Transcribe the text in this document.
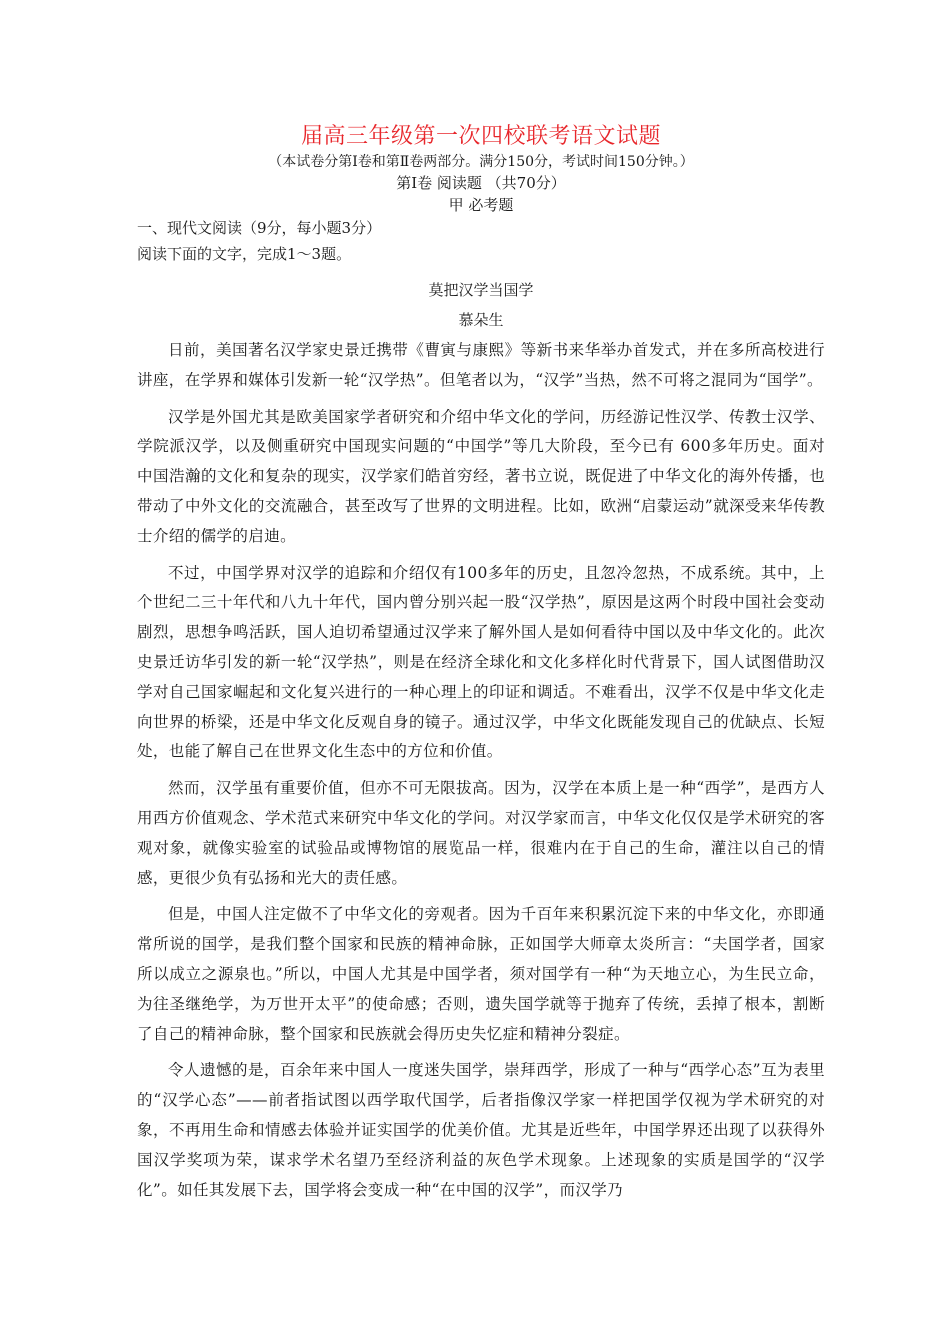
届高三年级第一次四校联考语文试题

（本试卷分第Ⅰ卷和第Ⅱ卷两部分。满分150分，考试时间150分钟。）

第Ⅰ卷 阅读题 （共70分）

甲 必考题

一、现代文阅读（9分，每小题3分）

阅读下面的文字，完成1～3题。

莫把汉学当国学
慕朵生

日前，美国著名汉学家史景迁携带《曹寅与康熙》等新书来华举办首发式，并在多所高校进行讲座，在学界和媒体引发新一轮“汉学热”。但笔者以为，“汉学”当热，然不可将之混同为“国学”。

汉学是外国尤其是欧美国家学者研究和介绍中华文化的学问，历经游记性汉学、传教士汉学、学院派汉学，以及侧重研究中国现实问题的“中国学”等几大阶段，至今已有 600多年历史。面对中国浩瀚的文化和复杂的现实，汉学家们皓首穷经，著书立说，既促进了中华文化的海外传播，也带动了中外文化的交流融合，甚至改写了世界的文明进程。比如，欧洲“启蒙运动”就深受来华传教士介绍的儒学的启迪。

不过，中国学界对汉学的追踪和介绍仅有100多年的历史，且忽冷忽热，不成系统。其中，上个世纪二三十年代和八九十年代，国内曾分别兴起一股“汉学热”，原因是这两个时段中国社会变动剧烈，思想争鸣活跃，国人迫切希望通过汉学来了解外国人是如何看待中国以及中华文化的。此次史景迁访华引发的新一轮“汉学热”，则是在经济全球化和文化多样化时代背景下，国人试图借助汉学对自己国家崛起和文化复兴进行的一种心理上的印证和调适。不难看出，汉学不仅是中华文化走向世界的桥梁，还是中华文化反观自身的镜子。通过汉学，中华文化既能发现自己的优缺点、长短处，也能了解自己在世界文化生态中的方位和价值。

然而，汉学虽有重要价值，但亦不可无限拔高。因为，汉学在本质上是一种“西学”，是西方人用西方价值观念、学术范式来研究中华文化的学问。对汉学家而言，中华文化仅仅是学术研究的客观对象，就像实验室的试验品或博物馆的展览品一样，很难内在于自己的生命，灌注以自己的情感，更很少负有弘扬和光大的责任感。

但是，中国人注定做不了中华文化的旁观者。因为千百年来积累沉淀下来的中华文化，亦即通常所说的国学，是我们整个国家和民族的精神命脉，正如国学大师章太炎所言：“夫国学者，国家所以成立之源泉也。”所以，中国人尤其是中国学者，须对国学有一种“为天地立心，为生民立命，为往圣继绝学，为万世开太平”的使命感；否则，遗失国学就等于抛弃了传统，丢掉了根本，割断了自己的精神命脉，整个国家和民族就会得历史失忆症和精神分裂症。

令人遗憾的是，百余年来中国人一度迷失国学，崇拜西学，形成了一种与“西学心态”互为表里的“汉学心态”——前者指试图以西学取代国学，后者指像汉学家一样把国学仅视为学术研究的对象，不再用生命和情感去体验并证实国学的优美价值。尤其是近些年，中国学界还出现了以获得外国汉学奖项为荣，谋求学术名望乃至经济利益的灰色学术现象。上述现象的实质是国学的“汉学化”。如任其发展下去，国学将会变成一种“在中国的汉学”，而汉学乃
